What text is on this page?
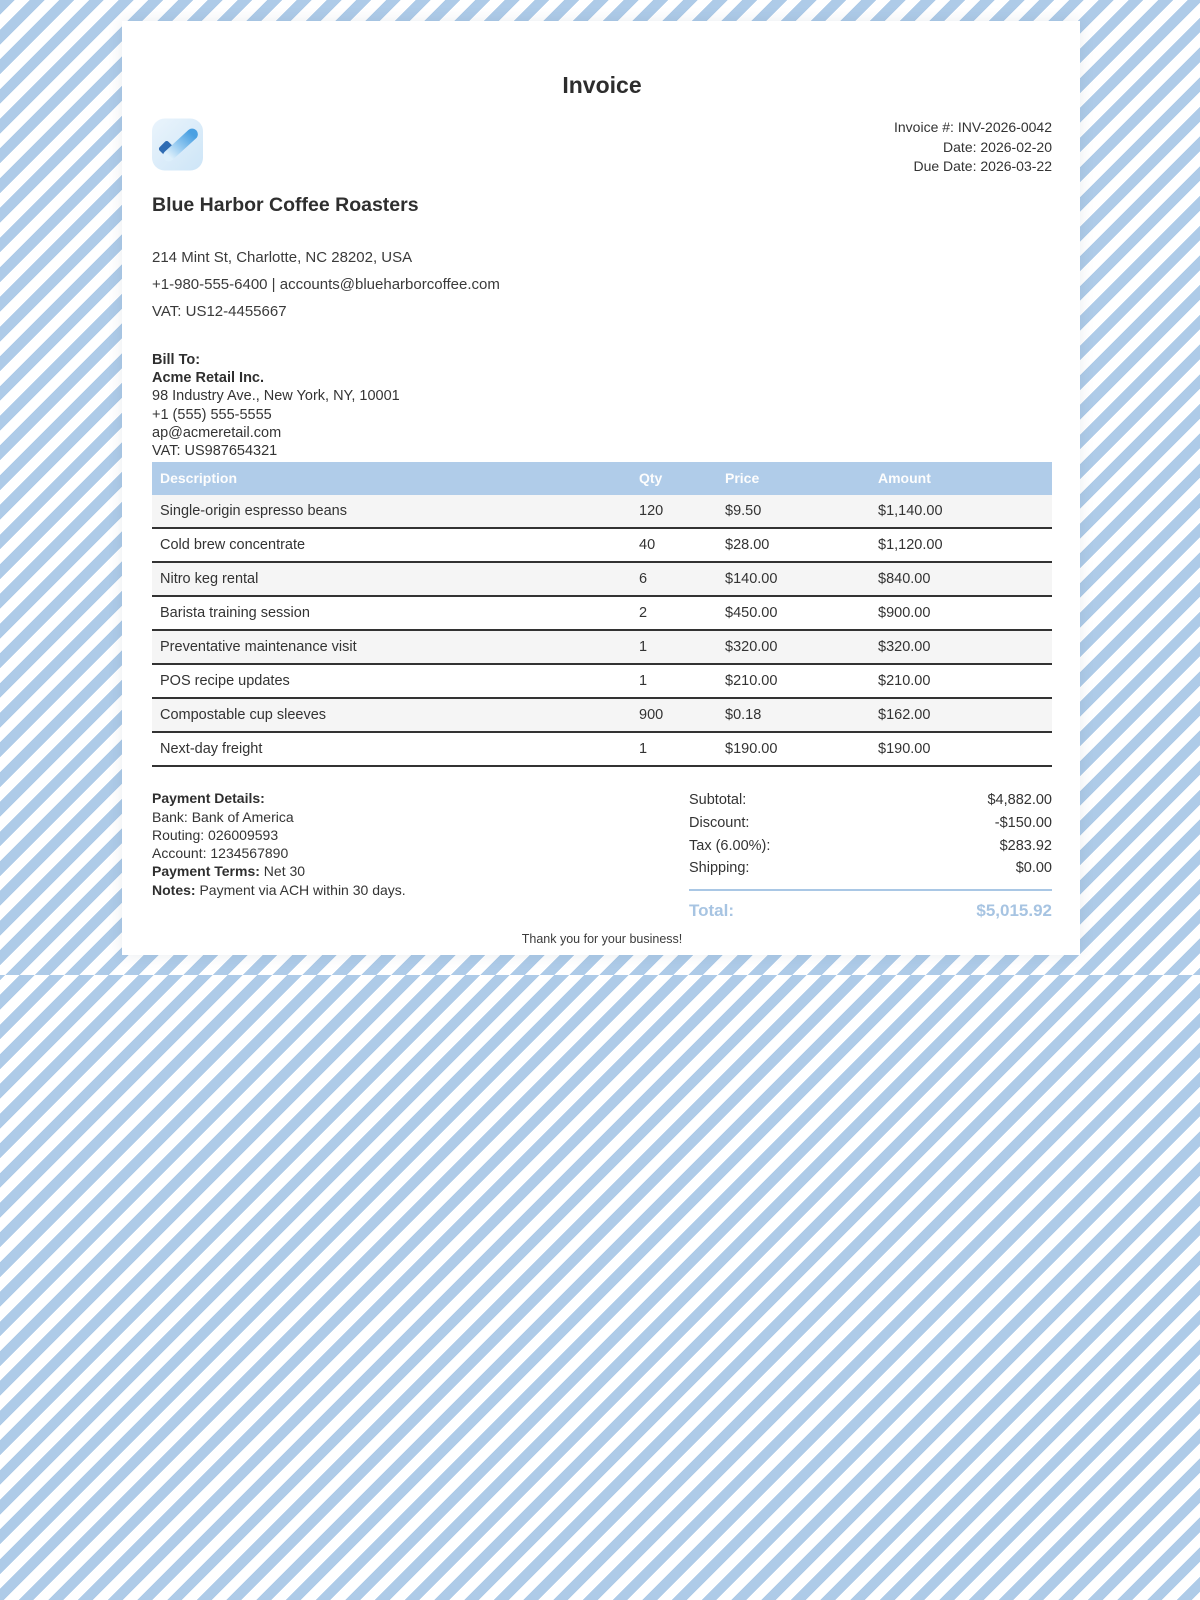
Invoice
Invoice #: INV-2026-0042
Date: 2026-02-20
Due Date: 2026-03-22
Blue Harbor Coffee Roasters

214 Mint St, Charlotte, NC 28202, USA

+1-980-555-6400 | accounts@blueharborcoffee.com

VAT: US12-4455667

Bill To:
Acme Retail Inc.
98 Industry Ave., New York, NY, 10001
+1 (555) 555-5555
ap@acmeretail.com
VAT: US987654321
Description	Qty	Price	Amount
Single-origin espresso beans	120	$9.50	$1,140.00
Cold brew concentrate	40	$28.00	$1,120.00
Nitro keg rental	6	$140.00	$840.00
Barista training session	2	$450.00	$900.00
Preventative maintenance visit	1	$320.00	$320.00
POS recipe updates	1	$210.00	$210.00
Compostable cup sleeves	900	$0.18	$162.00
Next-day freight	1	$190.00	$190.00
Payment Details:
Bank: Bank of America
Routing: 026009593
Account: 1234567890
Payment Terms: Net 30
Notes: Payment via ACH within 30 days.
Subtotal:	$4,882.00
Discount:	-$150.00
Tax (6.00%):	$283.92
Shipping:	$0.00
Total:	$5,015.92
Thank you for your business!
